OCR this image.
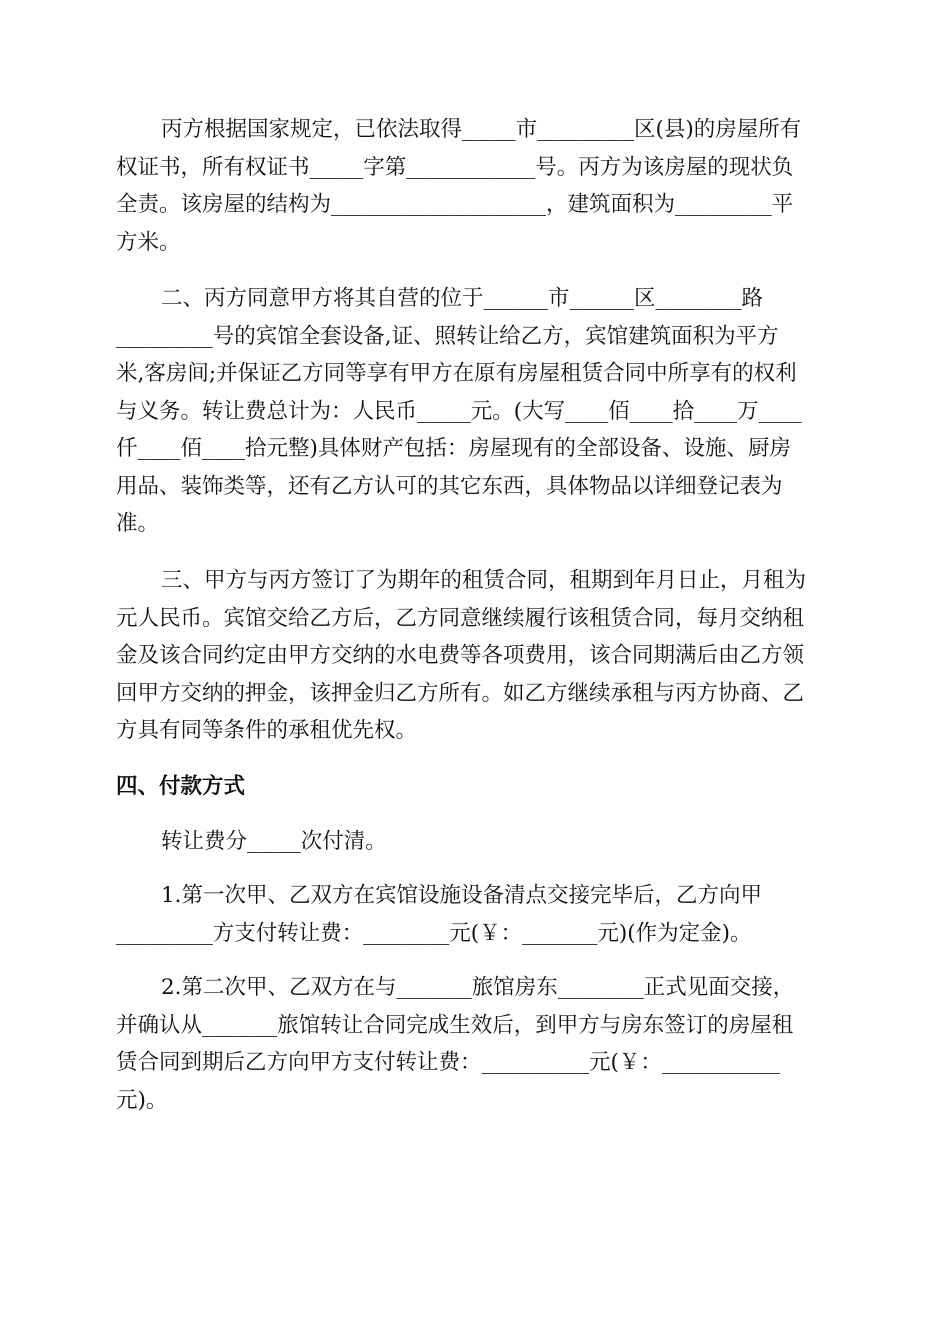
丙方根据国家规定，已依法取得_____市_________区(县)的房屋所有
权证书，所有权证书_____字第____________号。丙方为该房屋的现状负
全责。该房屋的结构为____________________，建筑面积为_________平
方米。
二、丙方同意甲方将其自营的位于______市______区________路
_________号的宾馆全套设备,证、照转让给乙方，宾馆建筑面积为平方
米,客房间;并保证乙方同等享有甲方在原有房屋租赁合同中所享有的权利
与义务。转让费总计为：人民币_____元。(大写____佰____拾____万____
仟____佰____拾元整)具体财产包括：房屋现有的全部设备、设施、厨房
用品、装饰类等，还有乙方认可的其它东西，具体物品以详细登记表为
准。
三、甲方与丙方签订了为期年的租赁合同，租期到年月日止，月租为
元人民币。宾馆交给乙方后，乙方同意继续履行该租赁合同，每月交纳租
金及该合同约定由甲方交纳的水电费等各项费用，该合同期满后由乙方领
回甲方交纳的押金，该押金归乙方所有。如乙方继续承租与丙方协商、乙
方具有同等条件的承租优先权。
四、付款方式
转让费分_____次付清。
1.第一次甲、乙双方在宾馆设施设备清点交接完毕后，乙方向甲
_________方支付转让费：________元(￥：_______元)(作为定金)。
2.第二次甲、乙双方在与_______旅馆房东________正式见面交接，
并确认从_______旅馆转让合同完成生效后，到甲方与房东签订的房屋租
赁合同到期后乙方向甲方支付转让费：__________元(￥：___________
元)。
